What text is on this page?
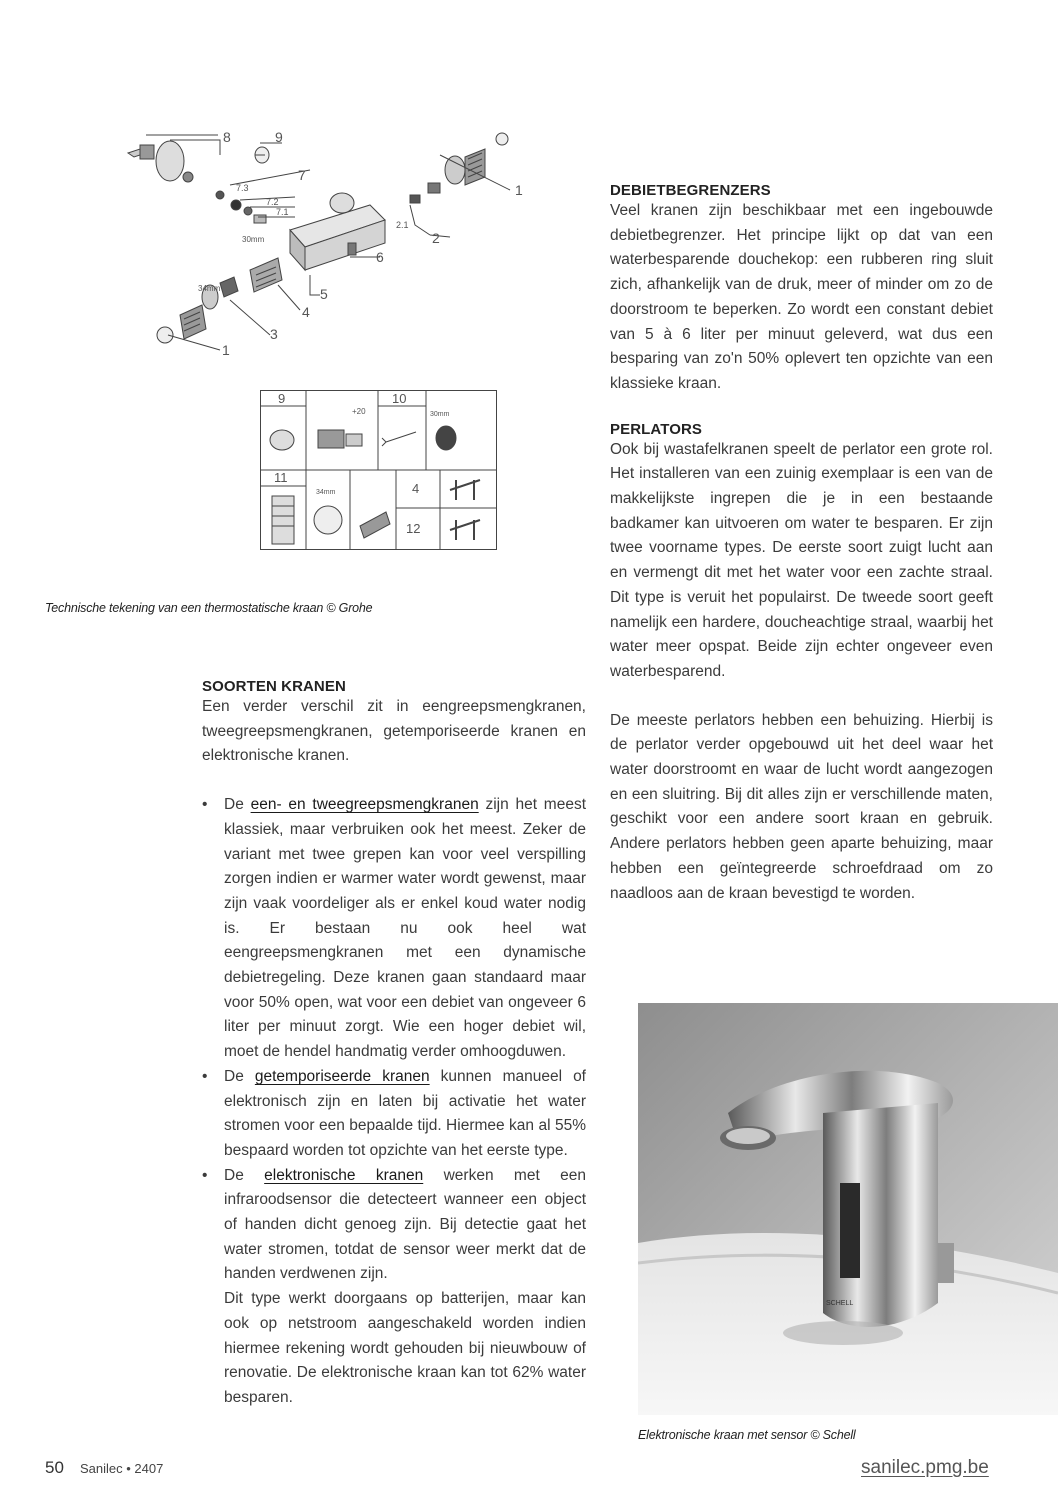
8	9
7
7.3
7.2
7.1
30mm
1
2
2.1
6
34mm	5
4
3
1
9
+20
10
30mm
11
34mm	4
12
Technische tekening van een thermostatische kraan © Grohe
SOORTEN KRANEN

Een verder verschil zit in eengreepsmengkranen, tweegreepsmengkranen, getemporiseerde kranen en elektronische kranen.

• De een- en tweegreepsmengkranen zijn het meest klassiek, maar verbruiken ook het meest. Zeker de variant met twee grepen kan voor veel verspilling zorgen indien er warmer water wordt gewenst, maar zijn vaak voordeliger als er enkel koud water nodig is. Er bestaan nu ook heel wat eengreepsmengkranen met een dynamische debietregeling. Deze kranen gaan standaard maar voor 50% open, wat voor een debiet van ongeveer 6 liter per minuut zorgt. Wie een hoger debiet wil, moet de hendel handmatig verder omhoogduwen.

• De getemporiseerde kranen kunnen manueel of elektronisch zijn en laten bij activatie het water stromen voor een bepaalde tijd. Hiermee kan al 55% bespaard worden tot opzichte van het eerste type.

• De elektronische kranen werken met een infraroodsensor die detecteert wanneer een object of handen dicht genoeg zijn. Bij detectie gaat het water stromen, totdat de sensor weer merkt dat de handen verdwenen zijn.

Dit type werkt doorgaans op batterijen, maar kan ook op netstroom aangeschakeld worden indien hiermee rekening wordt gehouden bij nieuwbouw of renovatie. De elektronische kraan kan tot 62% water besparen.

DEBIETBEGRENZERS

Veel kranen zijn beschikbaar met een ingebouwde debietbegrenzer. Het principe lijkt op dat van een waterbesparende douchekop: een rubberen ring sluit zich, afhankelijk van de druk, meer of minder om zo de doorstroom te beperken. Zo wordt een constant debiet van 5 à 6 liter per minuut geleverd, wat dus een besparing van zo'n 50% oplevert ten opzichte van een klassieke kraan.

PERLATORS

Ook bij wastafelkranen speelt de perlator een grote rol. Het installeren van een zuinig exemplaar is een van de makkelijkste ingrepen die je in een bestaande badkamer kan uitvoeren om water te besparen. Er zijn twee voorname types. De eerste soort zuigt lucht aan en vermengt dit met het water voor een zachte straal. Dit type is veruit het populairst. De tweede soort geeft namelijk een hardere, doucheachtige straal, waarbij het water meer opspat. Beide zijn echter ongeveer even waterbesparend.

De meeste perlators hebben een behuizing. Hierbij is de perlator verder opgebouwd uit het deel waar het water doorstroomt en waar de lucht wordt aangezogen en een sluitring. Bij dit alles zijn er verschillende maten, geschikt voor een andere soort kraan en gebruik. Andere perlators hebben geen aparte behuizing, maar hebben een geïntegreerde schroefdraad om zo naadloos aan de kraan bevestigd te worden.

SCHELL
Elektronische kraan met sensor © Schell
50 Sanilec • 2407	sanilec.pmg.be
